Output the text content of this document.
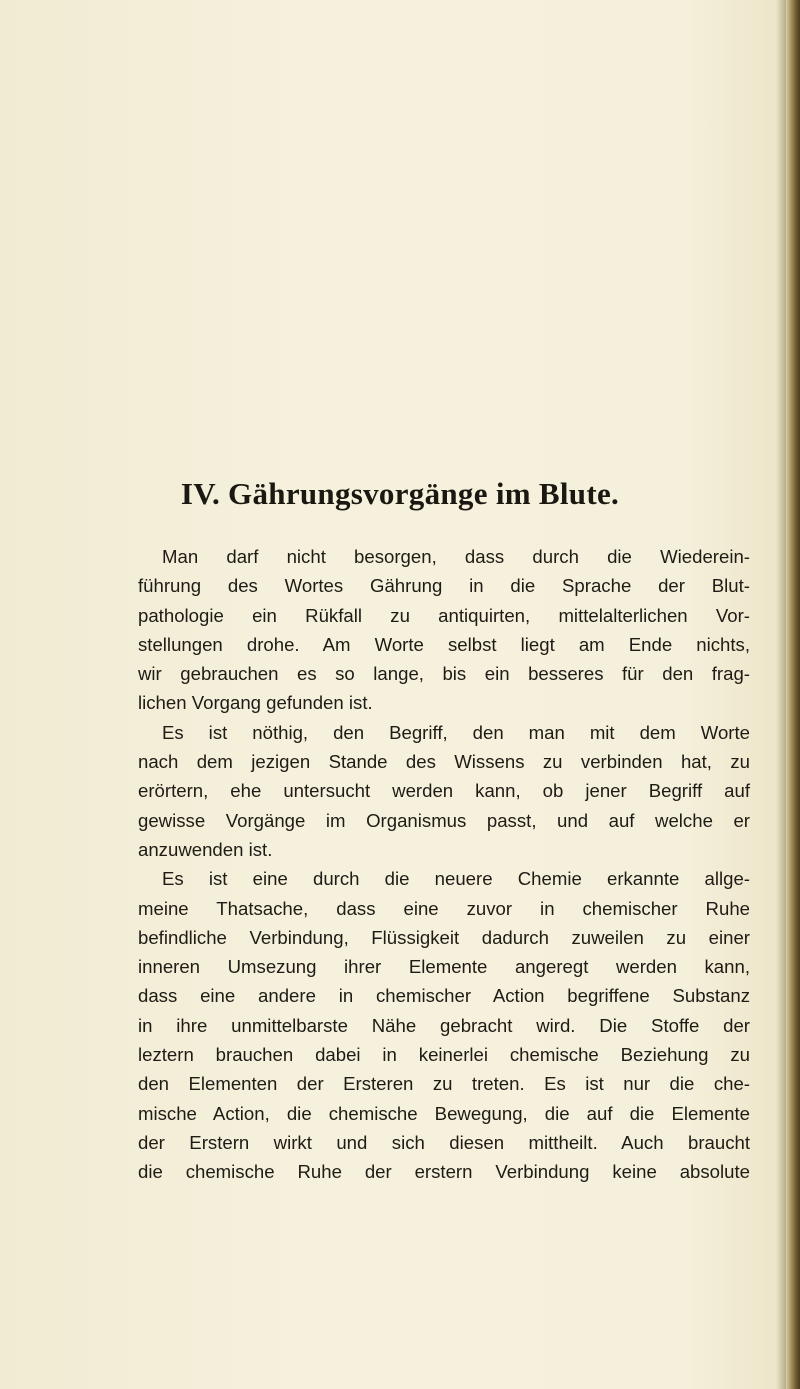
IV. Gährungsvorgänge im Blute.
Man darf nicht besorgen, dass durch die Wiederein-
führung des Wortes Gährung in die Sprache der Blut-
pathologie ein Rükfall zu antiquirten, mittelalterlichen Vor-
stellungen drohe. Am Worte selbst liegt am Ende nichts,
wir gebrauchen es so lange, bis ein besseres für den frag-
lichen Vorgang gefunden ist.
Es ist nöthig, den Begriff, den man mit dem Worte
nach dem jezigen Stande des Wissens zu verbinden hat, zu
erörtern, ehe untersucht werden kann, ob jener Begriff auf
gewisse Vorgänge im Organismus passt, und auf welche er
anzuwenden ist.
Es ist eine durch die neuere Chemie erkannte allge-
meine Thatsache, dass eine zuvor in chemischer Ruhe
befindliche Verbindung, Flüssigkeit dadurch zuweilen zu einer
inneren Umsezung ihrer Elemente angeregt werden kann,
dass eine andere in chemischer Action begriffene Substanz
in ihre unmittelbarste Nähe gebracht wird. Die Stoffe der
leztern brauchen dabei in keinerlei chemische Beziehung zu
den Elementen der Ersteren zu treten. Es ist nur die che-
mische Action, die chemische Bewegung, die auf die Elemente
der Erstern wirkt und sich diesen mittheilt. Auch braucht
die chemische Ruhe der erstern Verbindung keine absolute
